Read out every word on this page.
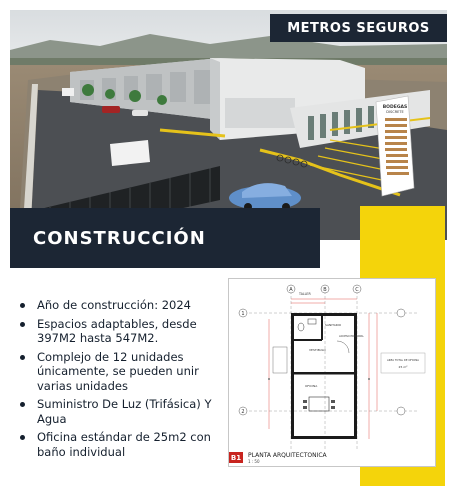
BODEGAS
DISCRETE
METROS SEGUROS
CONSTRUCCIÓN
Año de construcción: 2024
Espacios adaptables, desde 397M2 hasta 547M2.
Complejo de 12 unidades únicamente, se pueden unir varias unidades
Suministro De Luz (Trifásica) Y Agua
Oficina estándar de 25m2 con baño individual
A	B	C
1
2
TALLER
SANITARIO
VESTIBULO
OFICINA
ACCESO PRINCIPAL
AREA TOTAL DE OFICINA
25 m²
B1 PLANTA ARQUITECTONICA
1 : 50
